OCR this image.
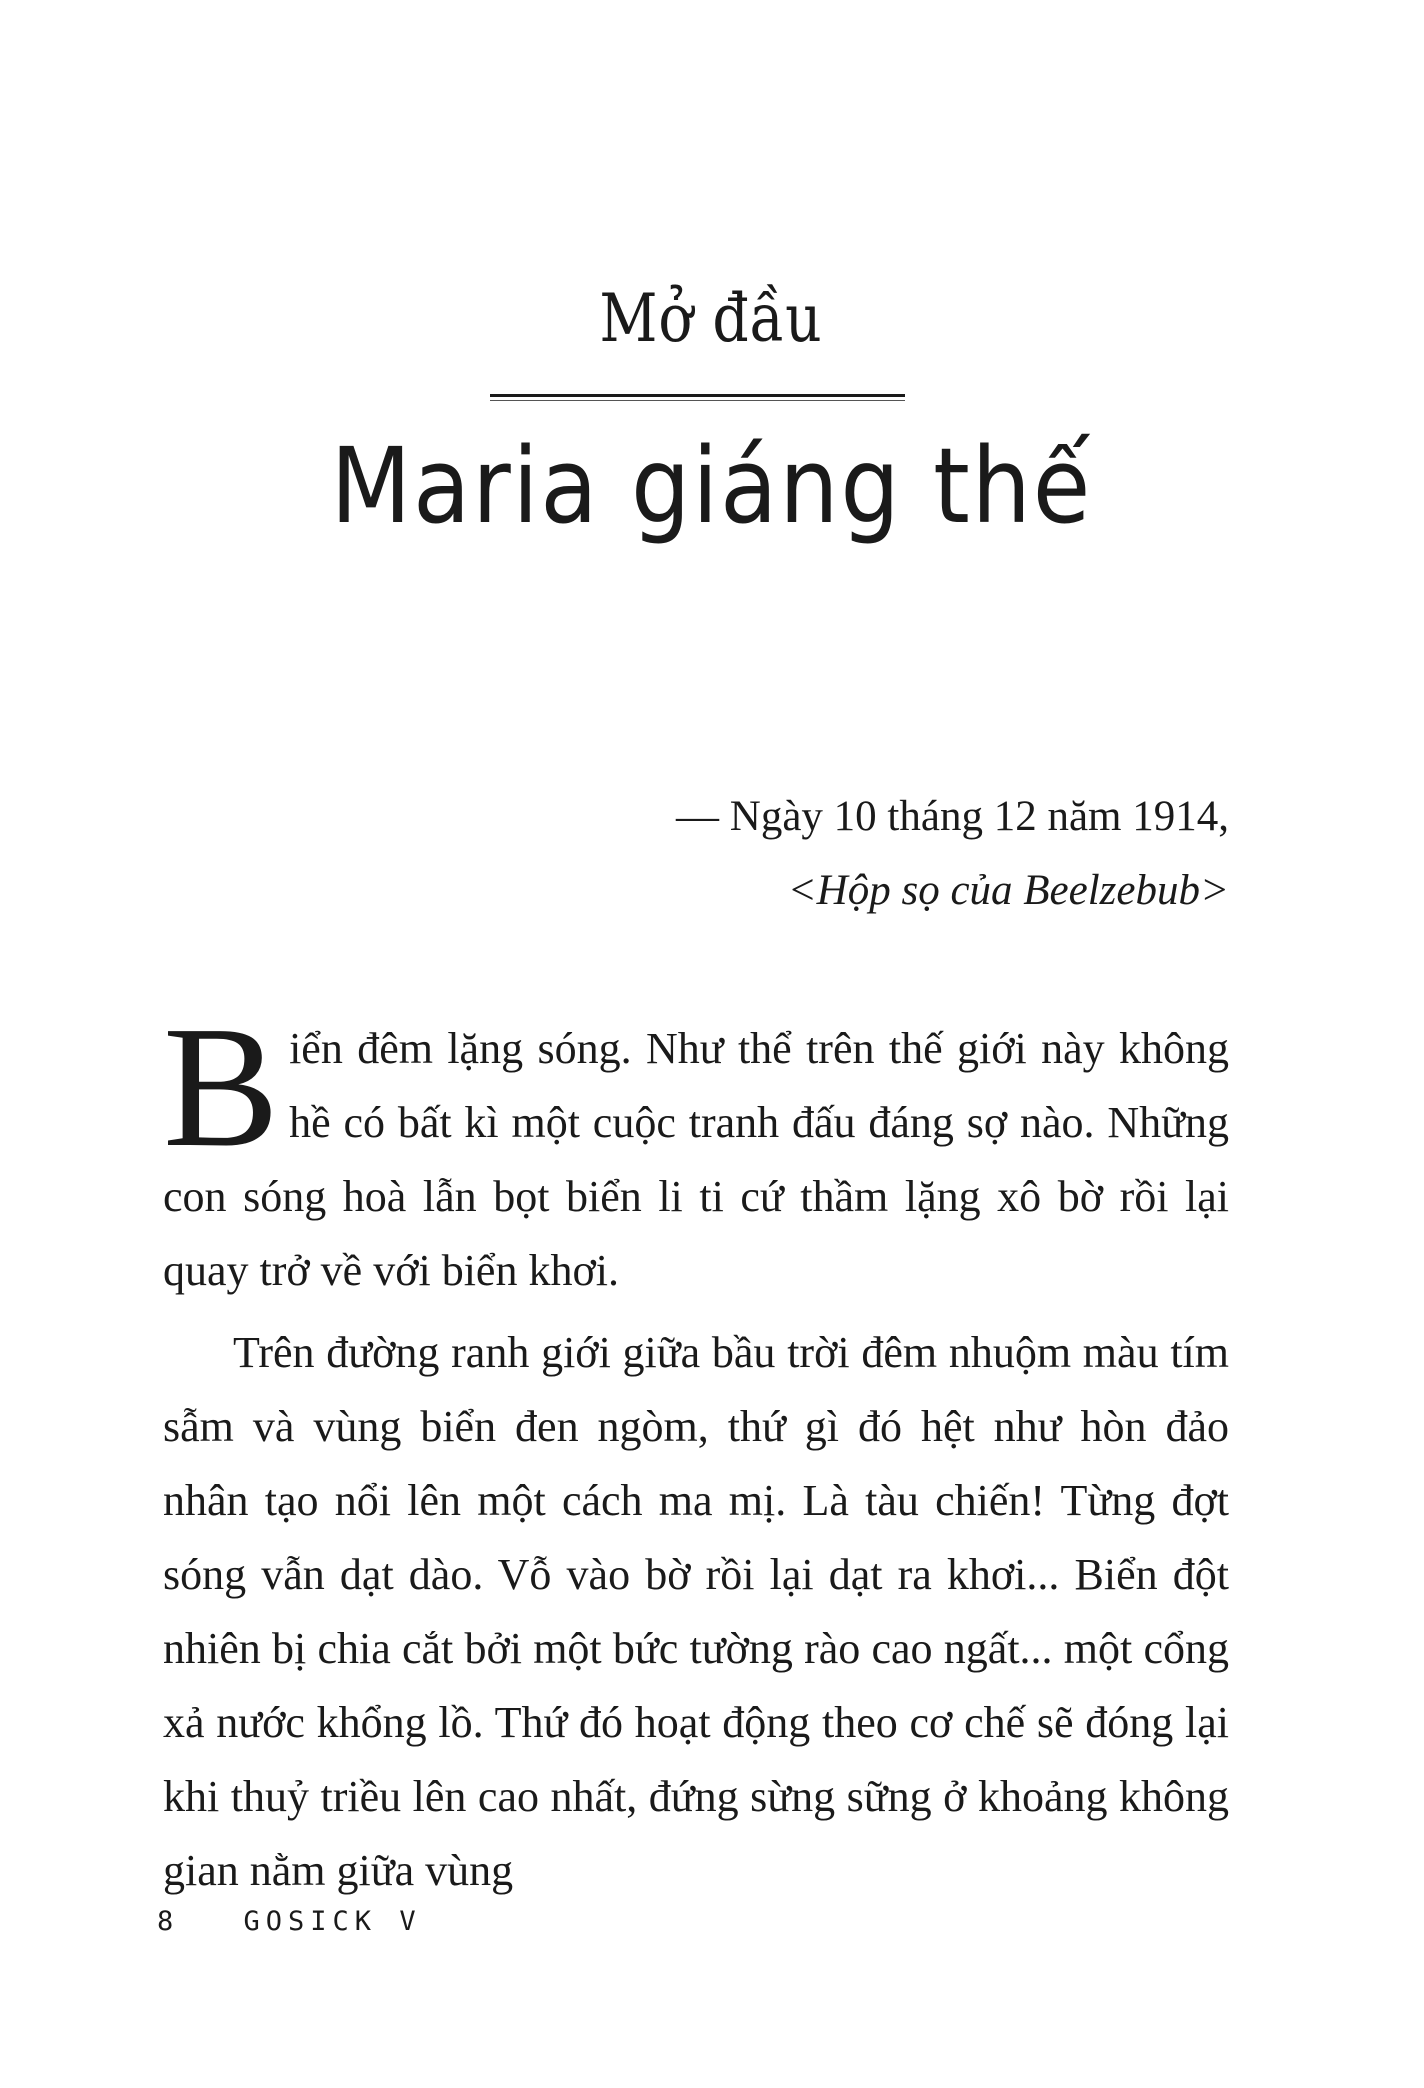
Mở đầu
Maria giáng thế
— Ngày 10 tháng 12 năm 1914,
<Hộp sọ của Beelzebub>

Biển đêm lặng sóng. Như thể trên thế giới này không hề có bất kì một cuộc tranh đấu đáng sợ nào. Những con sóng hoà lẫn bọt biển li ti cứ thầm lặng xô bờ rồi lại quay trở về với biển khơi.

Trên đường ranh giới giữa bầu trời đêm nhuộm màu tím sẫm và vùng biển đen ngòm, thứ gì đó hệt như hòn đảo nhân tạo nổi lên một cách ma mị. Là tàu chiến! Từng đợt sóng vẫn dạt dào. Vỗ vào bờ rồi lại dạt ra khơi... Biển đột nhiên bị chia cắt bởi một bức tường rào cao ngất... một cổng xả nước khổng lồ. Thứ đó hoạt động theo cơ chế sẽ đóng lại khi thuỷ triều lên cao nhất, đứng sừng sững ở khoảng không gian nằm giữa vùng

8 GOSICK V
